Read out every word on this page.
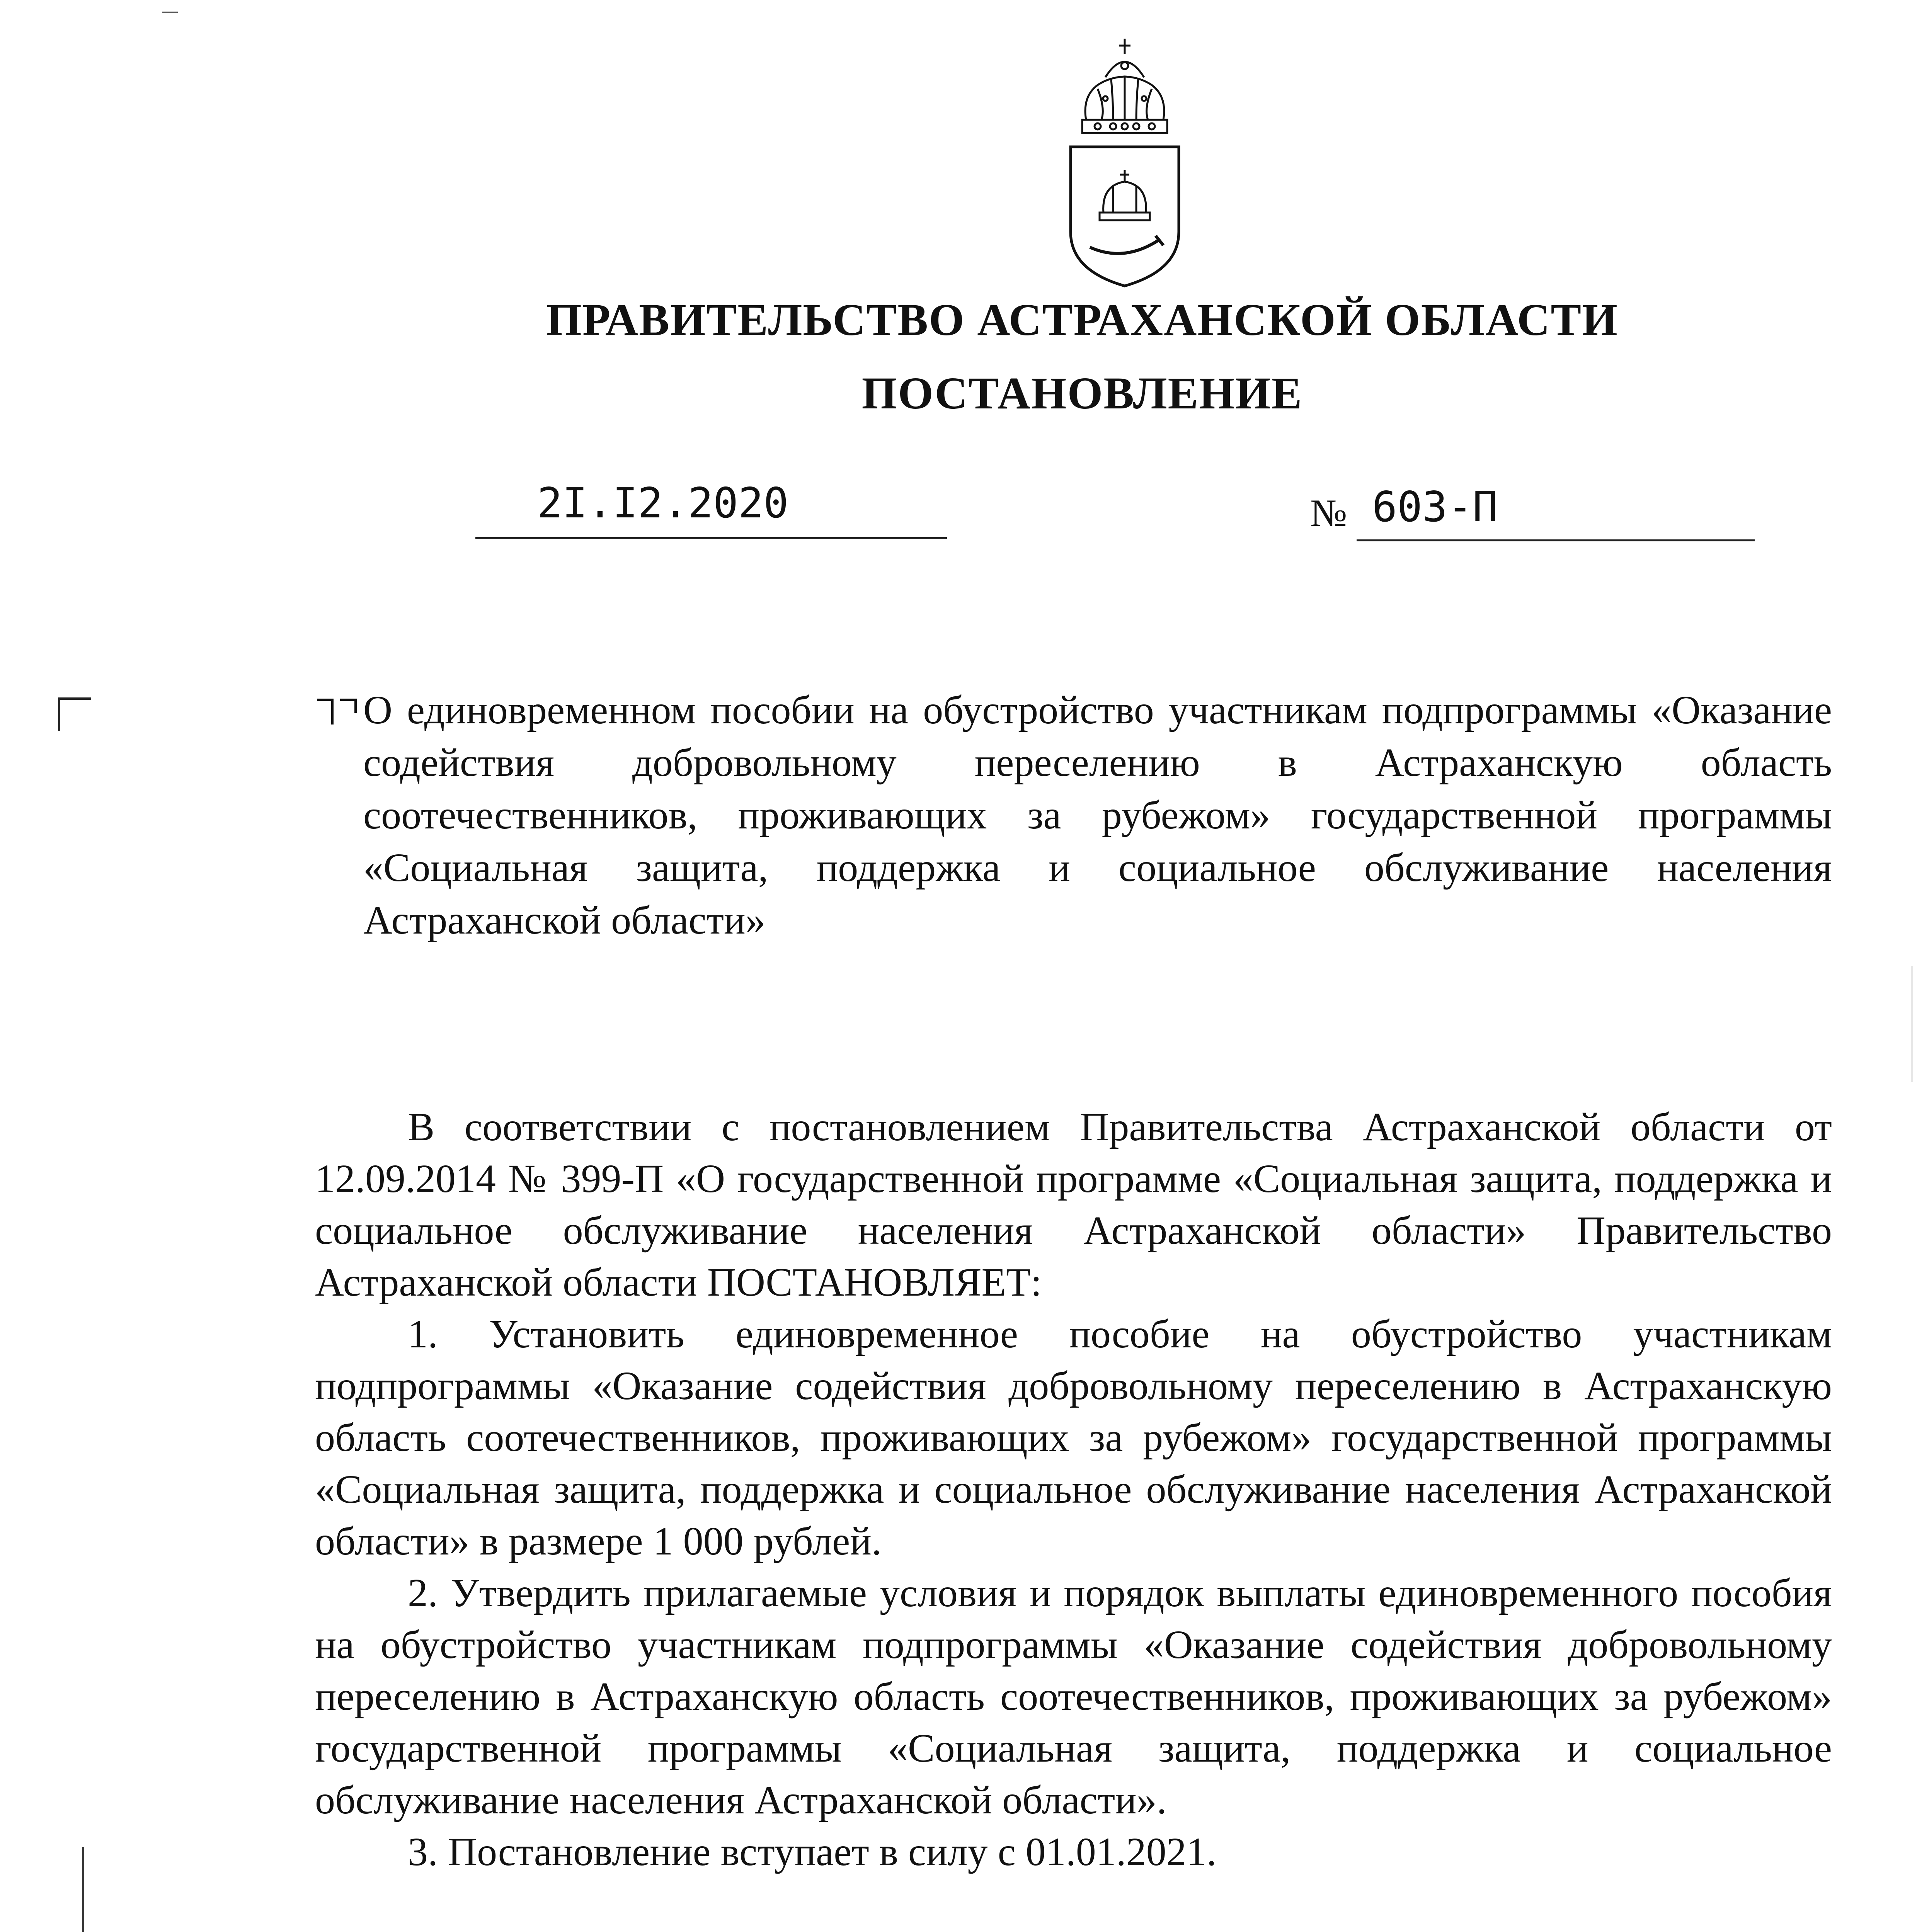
ПРАВИТЕЛЬСТВО АСТРАХАНСКОЙ ОБЛАСТИ
ПОСТАНОВЛЕНИЕ
2I.I2.2020	№ 603-П
О единовременном пособии на обустройство участникам подпрограммы «Оказание содействия добровольному переселению в Астраханскую область соотечественников, проживающих за рубежом» государственной программы «Социальная защита, поддержка и социальное обслуживание населения Астраханской области»

В соответствии с постановлением Правительства Астраханской области от 12.09.2014 № 399-П «О государственной программе «Социальная защита, поддержка и социальное обслуживание населения Астраханской области» Правительство Астраханской области ПОСТАНОВЛЯЕТ:

1. Установить единовременное пособие на обустройство участникам подпрограммы «Оказание содействия добровольному переселению в Астраханскую область соотечественников, проживающих за рубежом» государственной программы «Социальная защита, поддержка и социальное обслуживание населения Астраханской области» в размере 1 000 рублей.

2. Утвердить прилагаемые условия и порядок выплаты единовременного пособия на обустройство участникам подпрограммы «Оказание содействия добровольному переселению в Астраханскую область соотечественников, проживающих за рубежом» государственной программы «Социальная защита, поддержка и социальное обслуживание населения Астраханской области».

3. Постановление вступает в силу с 01.01.2021.
